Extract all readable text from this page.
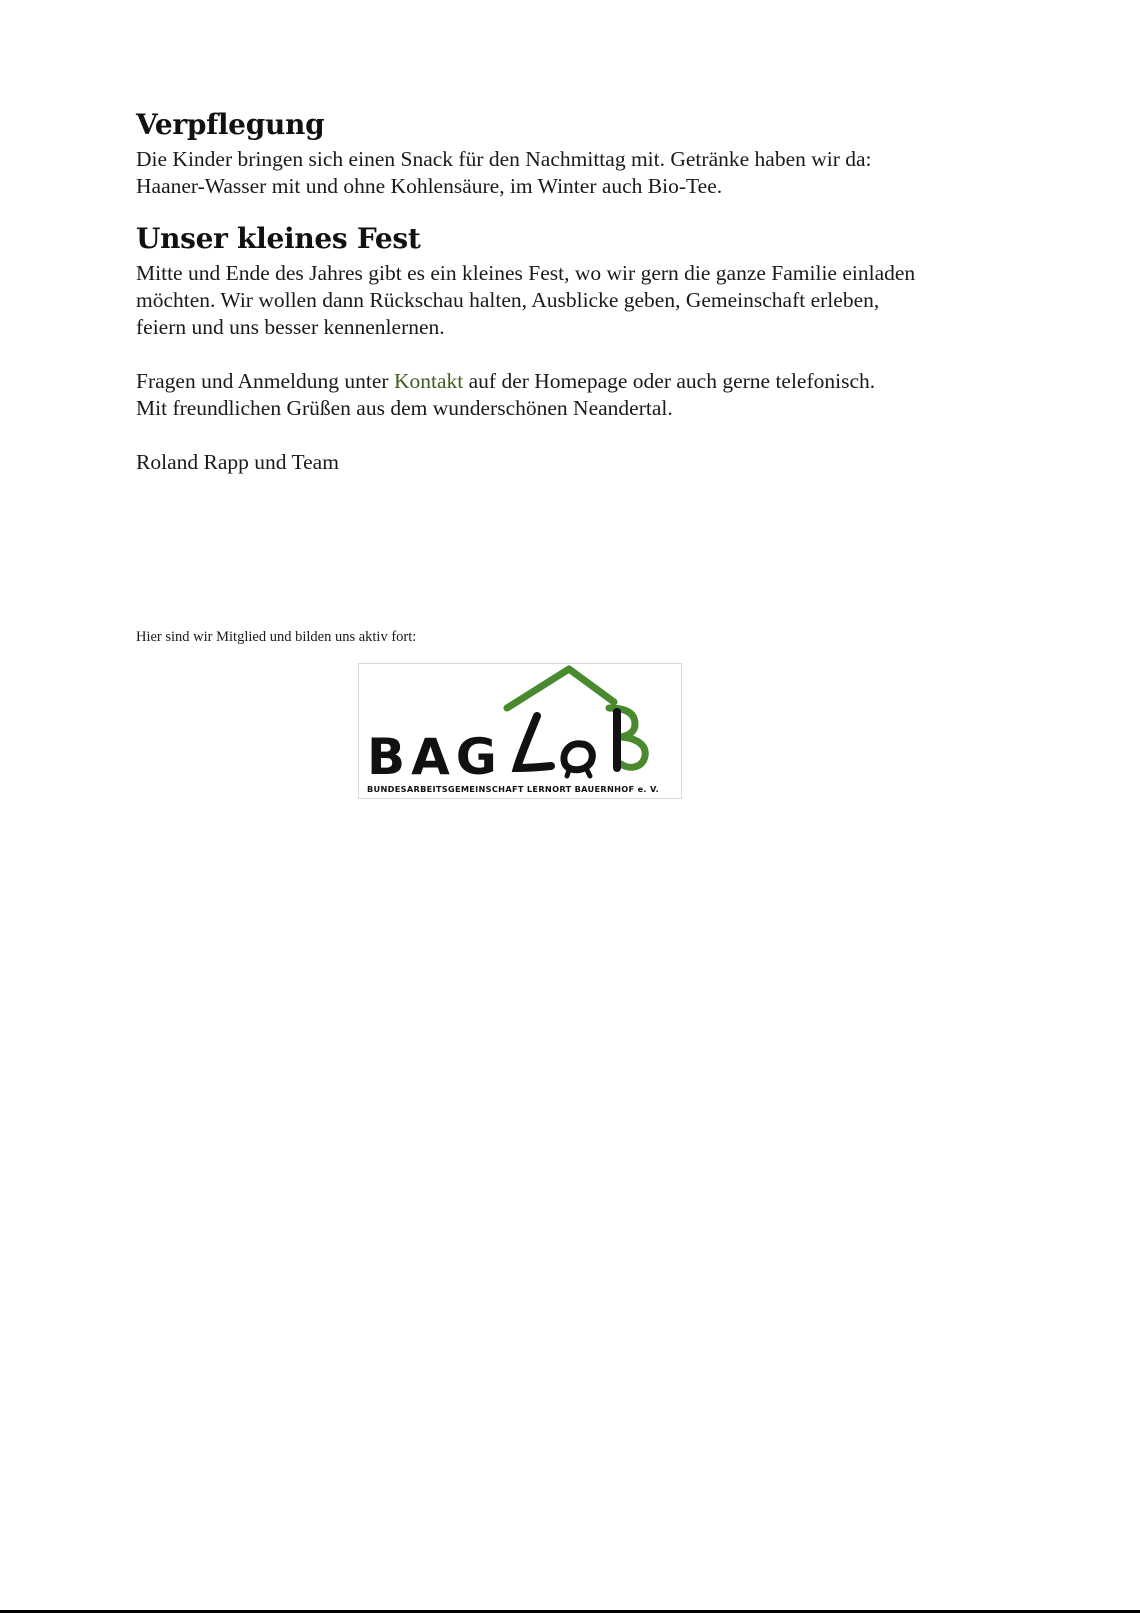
Verpflegung

Die Kinder bringen sich einen Snack für den Nachmittag mit. Getränke haben wir da:

Haaner-Wasser mit und ohne Kohlensäure, im Winter auch Bio-Tee.

Unser kleines Fest

Mitte und Ende des Jahres gibt es ein kleines Fest, wo wir gern die ganze Familie einladen

möchten. Wir wollen dann Rückschau halten, Ausblicke geben, Gemeinschaft erleben,

feiern und uns besser kennenlernen.

Fragen und Anmeldung unter Kontakt auf der Homepage oder auch gerne telefonisch.

Mit freundlichen Grüßen aus dem wunderschönen Neandertal.

Roland Rapp und Team

Hier sind wir Mitglied und bilden uns aktiv fort:
BAG
BUNDESARBEITSGEMEINSCHAFT LERNORT BAUERNHOF e. V.
